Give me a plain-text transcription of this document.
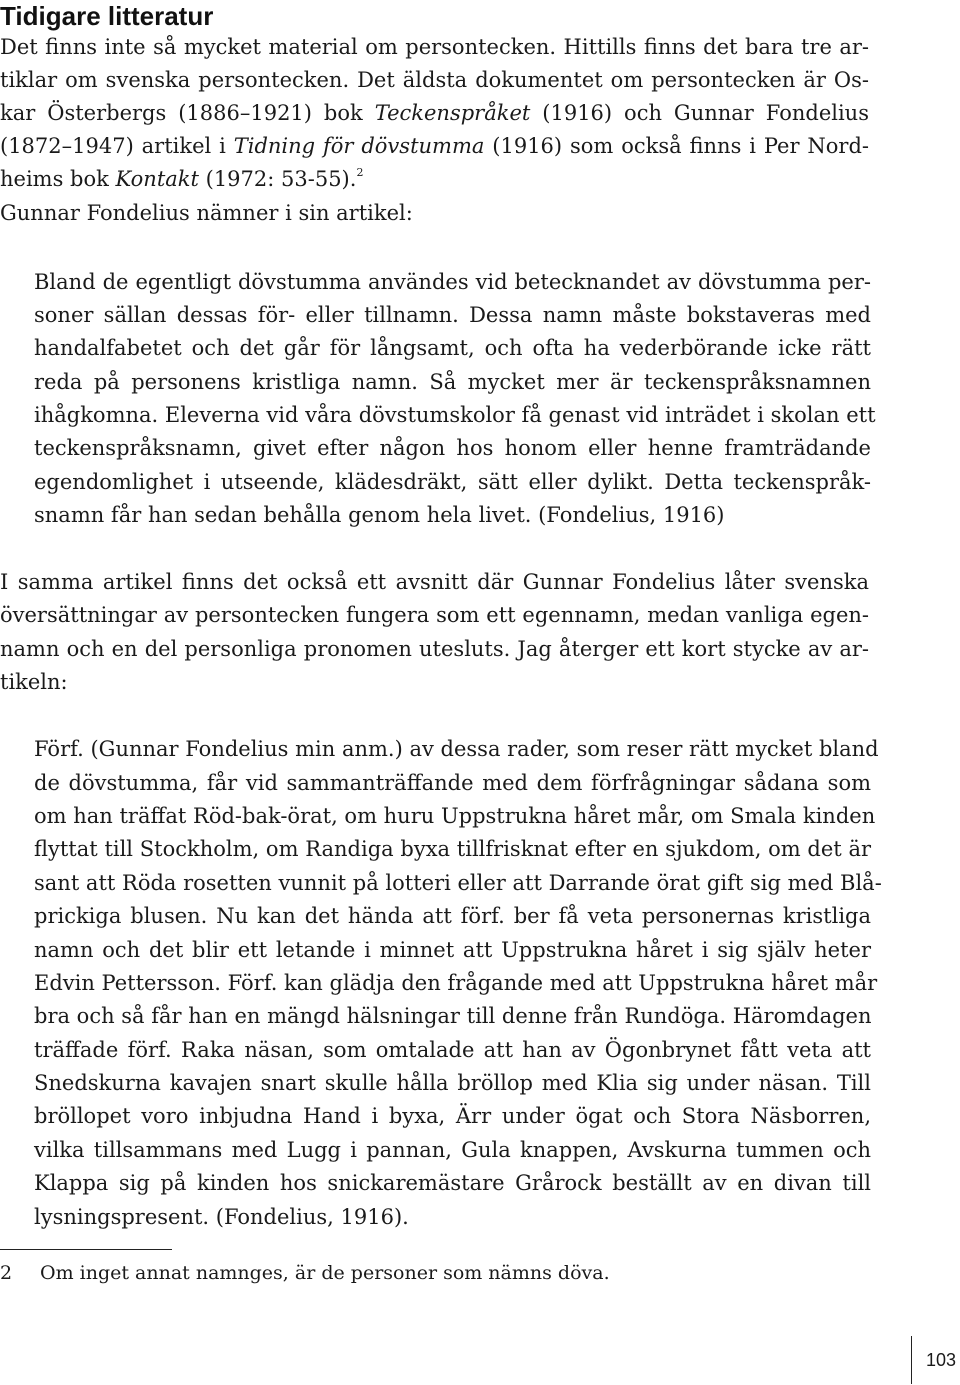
Tidigare litteratur
Det finns inte så mycket material om persontecken. Hittills finns det bara tre ar-
tiklar om svenska persontecken. Det äldsta dokumentet om persontecken är Os-
kar Österbergs (1886–1921) bok Teckenspråket (1916) och Gunnar Fondelius
(1872–1947) artikel i Tidning för dövstumma (1916) som också finns i Per Nord-
heims bok Kontakt (1972: 53-55).$^2$
Gunnar Fondelius nämner i sin artikel:
Bland de egentligt dövstumma användes vid betecknandet av dövstumma per-
soner sällan dessas för- eller tillnamn. Dessa namn måste bokstaveras med
handalfabetet och det går för långsamt, och ofta ha vederbörande icke rätt
reda på personens kristliga namn. Så mycket mer är teckenspråksnamnen
ihågkomna. Eleverna vid våra dövstumskolor få genast vid inträdet i skolan ett
teckenspråksnamn, givet efter någon hos honom eller henne framträdande
egendomlighet i utseende, klädesdräkt, sätt eller dylikt. Detta teckenspråk-
snamn får han sedan behålla genom hela livet. (Fondelius, 1916)
I samma artikel finns det också ett avsnitt där Gunnar Fondelius låter svenska
översättningar av persontecken fungera som ett egennamn, medan vanliga egen-
namn och en del personliga pronomen utesluts. Jag återger ett kort stycke av ar-
tikeln:
Förf. (Gunnar Fondelius min anm.) av dessa rader, som reser rätt mycket bland
de dövstumma, får vid sammanträffande med dem förfrågningar sådana som
om han träffat Röd-bak-örat, om huru Uppstrukna håret mår, om Smala kinden
flyttat till Stockholm, om Randiga byxa tillfrisknat efter en sjukdom, om det är
sant att Röda rosetten vunnit på lotteri eller att Darrande örat gift sig med Blå-
prickiga blusen. Nu kan det hända att förf. ber få veta personernas kristliga
namn och det blir ett letande i minnet att Uppstrukna håret i sig själv heter
Edvin Pettersson. Förf. kan glädja den frågande med att Uppstrukna håret mår
bra och så får han en mängd hälsningar till denne från Rundöga. Häromdagen
träffade förf. Raka näsan, som omtalade att han av Ögonbrynet fått veta att
Snedskurna kavajen snart skulle hålla bröllop med Klia sig under näsan. Till
bröllopet voro inbjudna Hand i byxa, Ärr under ögat och Stora Näsborren,
vilka tillsammans med Lugg i pannan, Gula knappen, Avskurna tummen och
Klappa sig på kinden hos snickaremästare Grårock beställt av en divan till
lysningspresent. (Fondelius, 1916).
2 Om inget annat namnges, är de personer som nämns döva.
103
